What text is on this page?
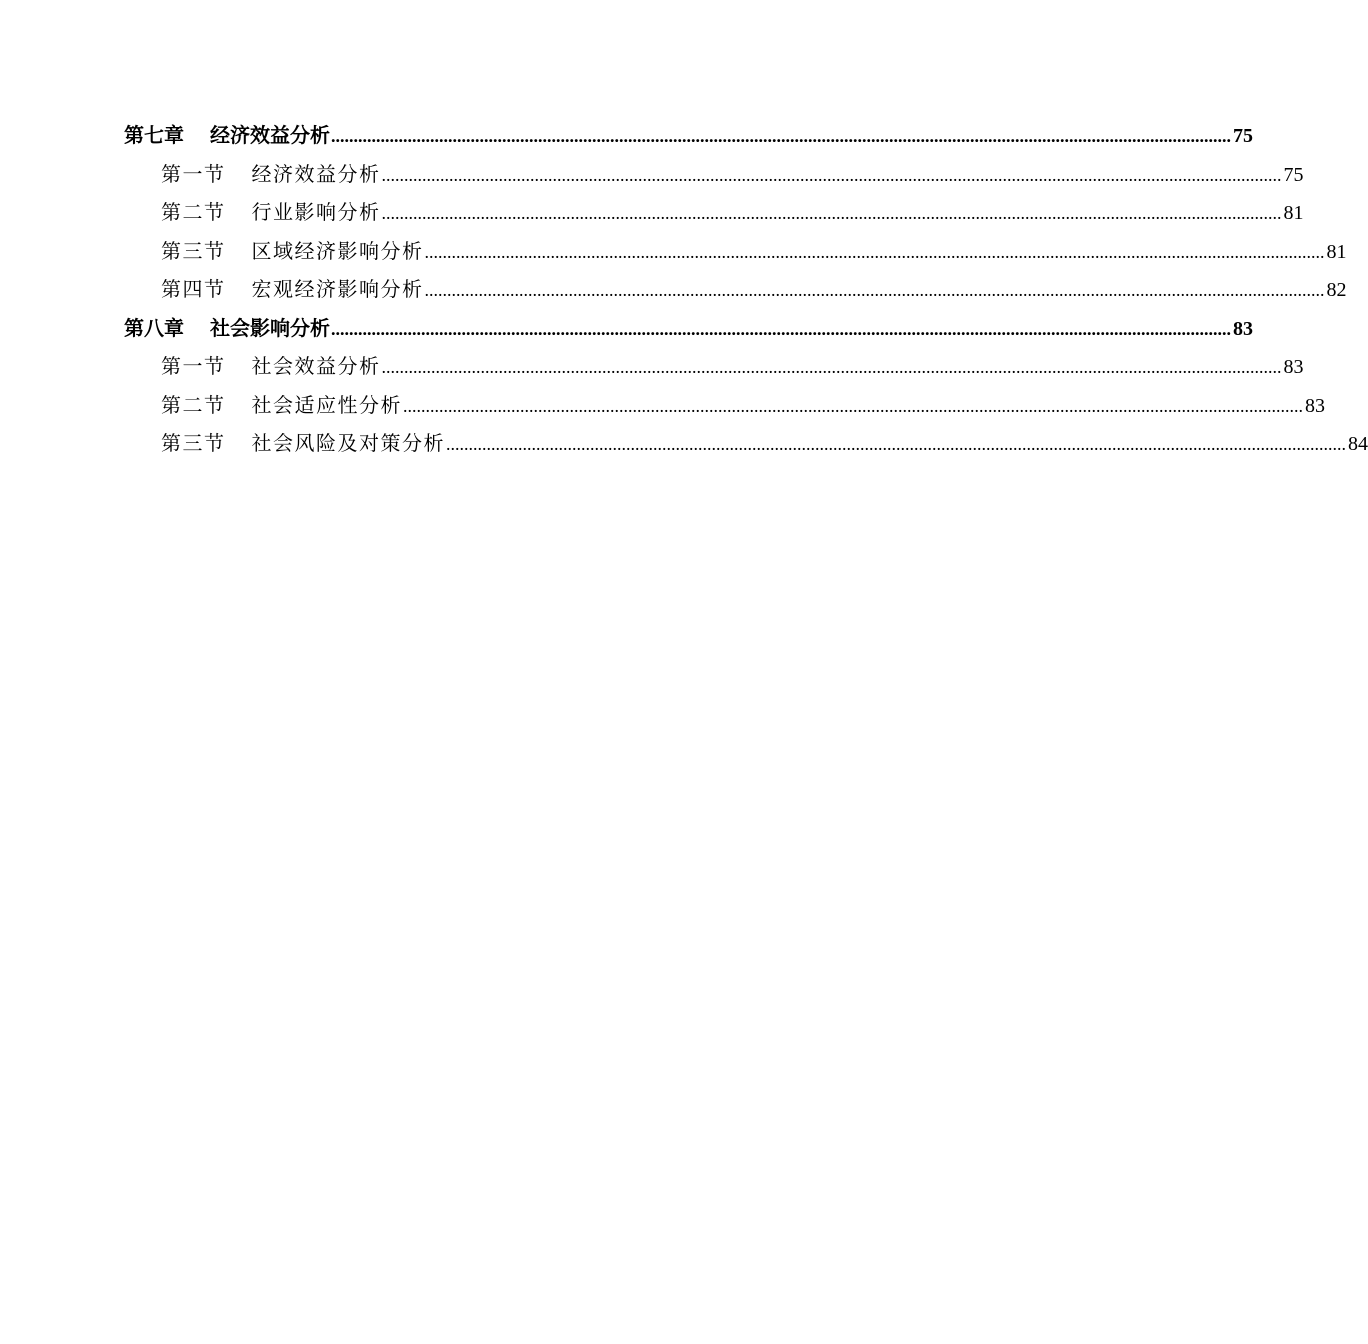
第七章 经济效益分析 ........................................................................................................................................................................................................ 75
第一节 经济效益分析 ........................................................................................................................................................................................................ 75
第二节 行业影响分析 ........................................................................................................................................................................................................ 81
第三节 区域经济影响分析 ........................................................................................................................................................................................................ 81
第四节 宏观经济影响分析 ........................................................................................................................................................................................................ 82
第八章 社会影响分析 ........................................................................................................................................................................................................ 83
第一节 社会效益分析 ........................................................................................................................................................................................................ 83
第二节 社会适应性分析 ........................................................................................................................................................................................................ 83
第三节 社会风险及对策分析 ........................................................................................................................................................................................................ 84
